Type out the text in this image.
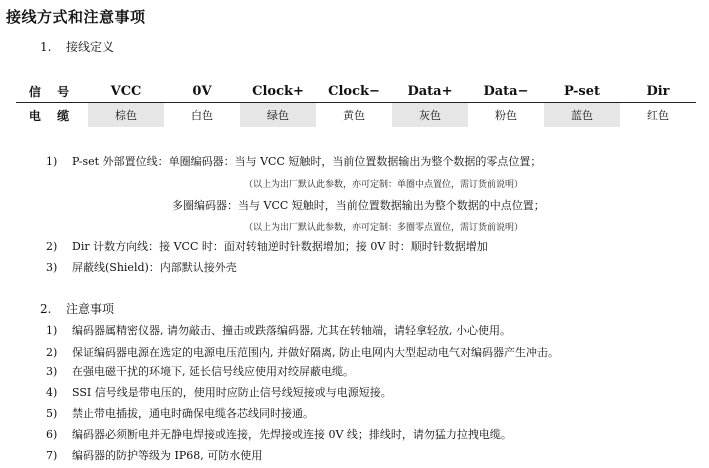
接线方式和注意事项
1. 接线定义
信 号	VCC	0V	Clock+	Clock−	Data+	Data−	P-set	Dir
电 缆	棕色	白色	绿色	黄色	灰色	粉色	蓝色	红色
1) P-set 外部置位线：单圈编码器：当与 VCC 短触时，当前位置数据输出为整个数据的零点位置；
（以上为出厂默认此参数，亦可定制：单圈中点置位，需订货前说明）
多圈编码器：当与 VCC 短触时，当前位置数据输出为整个数据的中点位置；
（以上为出厂默认此参数，亦可定制：多圈零点置位，需订货前说明）
2) Dir 计数方向线：接 VCC 时：面对转轴逆时针数据增加；接 0V 时：顺时针数据增加
3) 屏蔽线(Shield)：内部默认接外壳
2. 注意事项
1) 编码器属精密仪器, 请勿敲击、撞击或跌落编码器, 尤其在转轴端，请轻拿轻放, 小心使用。
2) 保证编码器电源在选定的电源电压范围内, 并做好隔离, 防止电网内大型起动电气对编码器产生冲击。
3) 在强电磁干扰的环境下, 延长信号线应使用对绞屏蔽电缆。
4) SSI 信号线是带电压的，使用时应防止信号线短接或与电源短接。
5) 禁止带电插拔，通电时确保电缆各芯线同时接通。
6) 编码器必须断电并无静电焊接或连接，先焊接或连接 0V 线；排线时，请勿猛力拉拽电缆。
7) 编码器的防护等级为 IP68, 可防水使用
